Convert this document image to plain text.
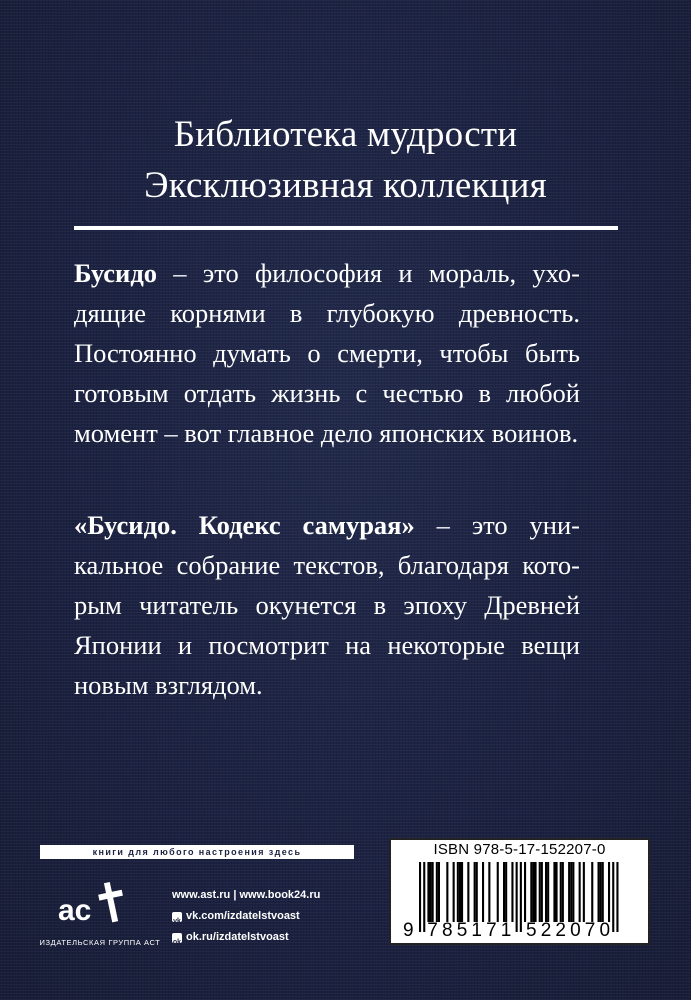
Библиотека мудрости
Эксклюзивная коллекция
Бусидо – это философия и мораль, ухо-
дящие корнями в глубокую древность.
Постоянно думать о смерти, чтобы быть
готовым отдать жизнь с честью в любой
момент – вот главное дело японских воинов.
«Бусидо. Кодекс самурая» – это уни-
кальное собрание текстов, благодаря кото-
рым читатель окунется в эпоху Древней
Японии и посмотрит на некоторые вещи
новым взглядом.
книги для любого настроения здесь
ac
ИЗДАТЕЛЬСКАЯ ГРУППА АСТ
www.ast.ru | www.book24.ru
vk vk.com/izdatelstvoast
ok ok.ru/izdatelstvoast
ISBN 978-5-17-152207-0
9 7 8 5 1 7 1 5 2 2 0 7 0
